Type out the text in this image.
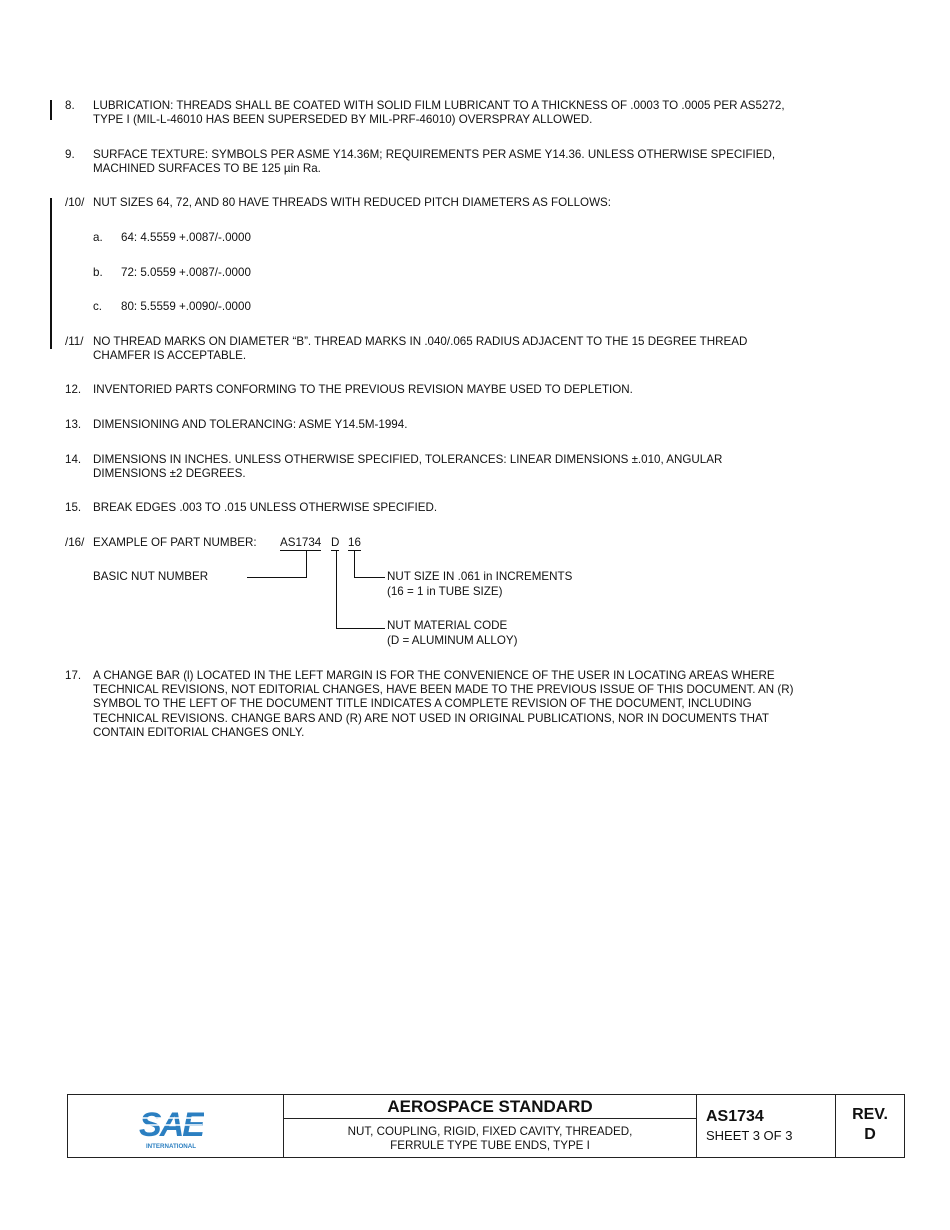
8. LUBRICATION: THREADS SHALL BE COATED WITH SOLID FILM LUBRICANT TO A THICKNESS OF .0003 TO .0005 PER AS5272,
TYPE I (MIL-L-46010 HAS BEEN SUPERSEDED BY MIL-PRF-46010) OVERSPRAY ALLOWED.
9. SURFACE TEXTURE: SYMBOLS PER ASME Y14.36M; REQUIREMENTS PER ASME Y14.36. UNLESS OTHERWISE SPECIFIED,
MACHINED SURFACES TO BE 125 µin Ra.
/10/ NUT SIZES 64, 72, AND 80 HAVE THREADS WITH REDUCED PITCH DIAMETERS AS FOLLOWS:
a. 64: 4.5559 +.0087/-.0000
b. 72: 5.0559 +.0087/-.0000
c. 80: 5.5559 +.0090/-.0000
/11/ NO THREAD MARKS ON DIAMETER “B”. THREAD MARKS IN .040/.065 RADIUS ADJACENT TO THE 15 DEGREE THREAD
CHAMFER IS ACCEPTABLE.
12. INVENTORIED PARTS CONFORMING TO THE PREVIOUS REVISION MAYBE USED TO DEPLETION.
13. DIMENSIONING AND TOLERANCING: ASME Y14.5M-1994.
14. DIMENSIONS IN INCHES. UNLESS OTHERWISE SPECIFIED, TOLERANCES: LINEAR DIMENSIONS ±.010, ANGULAR
DIMENSIONS ±2 DEGREES.
15. BREAK EDGES .003 TO .015 UNLESS OTHERWISE SPECIFIED.
/16/ EXAMPLE OF PART NUMBER: AS1734 D 16
BASIC NUT NUMBER	NUT SIZE IN .061 in INCREMENTS
(16 = 1 in TUBE SIZE)
NUT MATERIAL CODE
(D = ALUMINUM ALLOY)
17. A CHANGE BAR (l) LOCATED IN THE LEFT MARGIN IS FOR THE CONVENIENCE OF THE USER IN LOCATING AREAS WHERE
TECHNICAL REVISIONS, NOT EDITORIAL CHANGES, HAVE BEEN MADE TO THE PREVIOUS ISSUE OF THIS DOCUMENT. AN (R)
SYMBOL TO THE LEFT OF THE DOCUMENT TITLE INDICATES A COMPLETE REVISION OF THE DOCUMENT, INCLUDING
TECHNICAL REVISIONS. CHANGE BARS AND (R) ARE NOT USED IN ORIGINAL PUBLICATIONS, NOR IN DOCUMENTS THAT
CONTAIN EDITORIAL CHANGES ONLY.
SAE
INTERNATIONAL
AEROSPACE STANDARD
NUT, COUPLING, RIGID, FIXED CAVITY, THREADED,
FERRULE TYPE TUBE ENDS, TYPE I
AS1734
SHEET 3 OF 3
REV.
D
